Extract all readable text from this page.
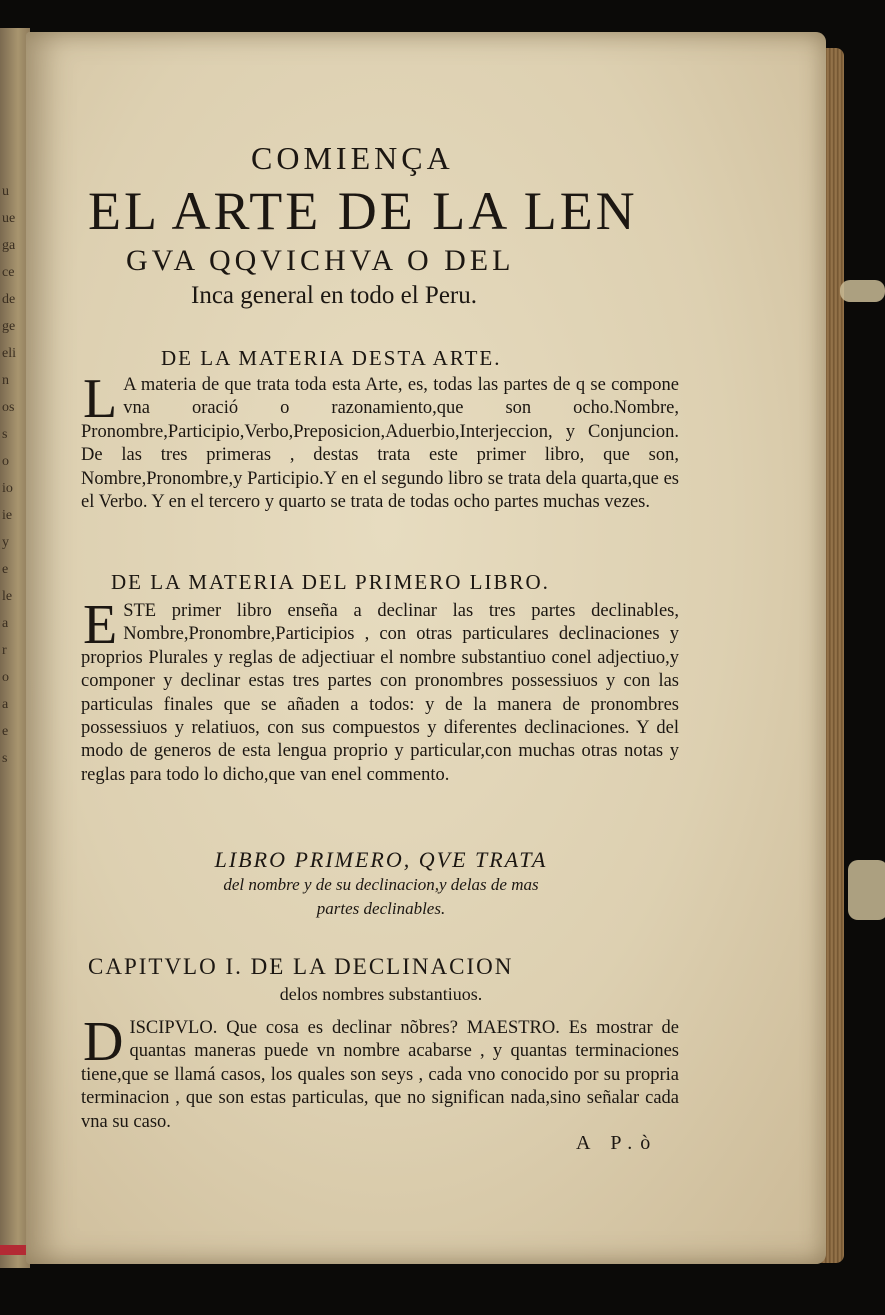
u
ue
ga
ce
de
ge
eli
n
os
s
o
io
ie
y
e
le
a
r
o
a
e
s
COMIENÇA
EL ARTE DE LA LEN
GVA QQVICHVA O DEL
Inca general en todo el Peru.
DE LA MATERIA DESTA ARTE.
L A materia de que trata toda esta Arte, es, todas las partes de q se compone vna oració o razonamiento,que son ocho.Nombre, Pronombre,Participio,Verbo,Preposicion,Aduerbio,Interjeccion, y Conjuncion. De las tres primeras , destas trata este primer libro, que son, Nombre,Pronombre,y Participio.Y en el segundo libro se trata dela quarta,que es el Verbo. Y en el tercero y quarto se trata de todas ocho partes muchas vezes.
DE LA MATERIA DEL PRIMERO LIBRO.
E STE primer libro enseña a declinar las tres partes declinables, Nombre,Pronombre,Participios , con otras particulares declinaciones y proprios Plurales y reglas de adjectiuar el nombre substantiuo conel adjectiuo,y componer y declinar estas tres partes con pronombres possessiuos y con las particulas finales que se añaden a todos: y de la manera de pronombres possessiuos y relatiuos, con sus compuestos y diferentes declinaciones. Y del modo de generos de esta lengua proprio y particular,con muchas otras notas y reglas para todo lo dicho,que van enel commento.
LIBRO PRIMERO, QVE TRATA
del nombre y de su declinacion,y delas de mas
partes declinables.
CAPITVLO I. DE LA DECLINACION
delos nombres substantiuos.
D ISCIPVLO. Que cosa es declinar nõbres? MAESTRO. Es mostrar de quantas maneras puede vn nombre acabarse , y quantas terminaciones tiene,que se llamá casos, los quales son seys , cada vno conocido por su propria terminacion , que son estas particulas, que no significan nada,sino señalar cada vna su caso.
A P.ò
